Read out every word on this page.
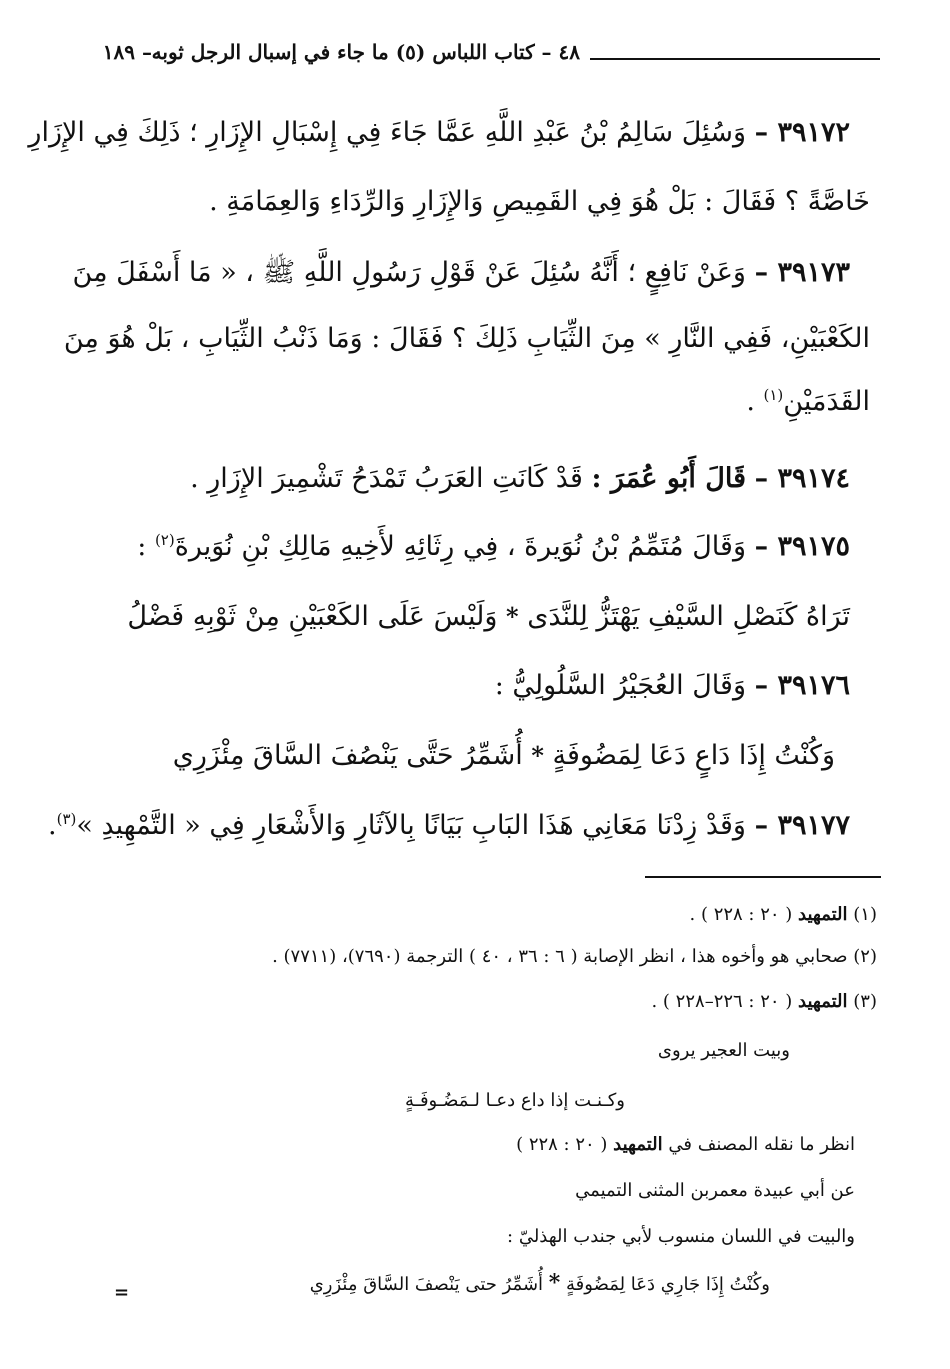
٤٨ – كتاب اللباس (٥) ما جاء في إسبال الرجل ثوبه
– ١٨٩
٣٩١٧٢ – وَسُئِلَ سَالِمُ بْنُ عَبْدِ اللَّهِ عَمَّا جَاءَ فِي إِسْبَالِ الإِزَارِ ؛ ذَلِكَ فِي الإِزَارِ
خَاصَّةً ؟ فَقَالَ : بَلْ هُوَ فِي القَمِيصِ وَالإِزَارِ وَالرِّدَاءِ وَالعِمَامَةِ .
٣٩١٧٣ – وَعَنْ نَافِعٍ ؛ أَنَّهُ سُئِلَ عَنْ قَوْلِ رَسُولِ اللَّهِ ﷺ ، « مَا أَسْفَلَ مِنَ
الكَعْبَيْنِ، فَفِي النَّارِ » مِنَ الثِّيَابِ ذَلِكَ ؟ فَقَالَ : وَمَا ذَنْبُ الثِّيَابِ ، بَلْ هُوَ مِنَ
القَدَمَيْنِ$^{(١)}$ .
٣٩١٧٤ – قَالَ أَبُو عُمَرَ : قَدْ كَانَتِ العَرَبُ تَمْدَحُ تَشْمِيرَ الإِزَارِ .
٣٩١٧٥ – وَقَالَ مُتَمِّمُ بْنُ نُوَيرةَ ، فِي رِثَائِهِ لأَخِيهِ مَالِكِ بْنِ نُوَيرةَ$^{(٢)}$ :
تَرَاهُ كَنَصْلِ السَّيْفِ يَهْتَزُّ لِلنَّدَى * وَلَيْسَ عَلَى الكَعْبَيْنِ مِنْ ثَوْبِهِ فَضْلُ
٣٩١٧٦ – وَقَالَ العُجَيْرُ السَّلُولِيُّ :
وَكُنْتُ إِذَا دَاعٍ دَعَا لِمَضُوفَةٍ * أُشَمِّرُ حَتَّى يَنْصُفَ السَّاقَ مِئْزَرِي
٣٩١٧٧ – وَقَدْ زِدْنَا مَعَانِي هَذَا البَابِ بَيَانًا بِالآثَارِ وَالأَشْعَارِ فِي « التَّمْهِيدِ »$^{(٣)}$.
(١) التمهيد ( ٢٠ : ٢٢٨ ) .
(٢) صحابي هو وأخوه هذا ، انظر الإصابة ( ٦ : ٣٦ ، ٤٠ ) الترجمة (٧٦٩٠)، (٧٧١١) .
(٣) التمهيد ( ٢٠ : ٢٢٦–٢٢٨ ) .
وبيت العجير يروى
وكـنـت إذا داع دعـا لـمَضُـوفَـةٍ
انظر ما نقله المصنف في التمهيد ( ٢٠ : ٢٢٨ )
عن أبي عبيدة معمربن المثنى التميمي
والبيت في اللسان منسوب لأبي جندب الهذليّ :
وكُنْتُ إِذَا جَارِي دَعَا لِمَضُوفَةٍ * أُشَمِّرُ حتى يَنْصفَ السَّاقَ مِئْزَرِي
=
